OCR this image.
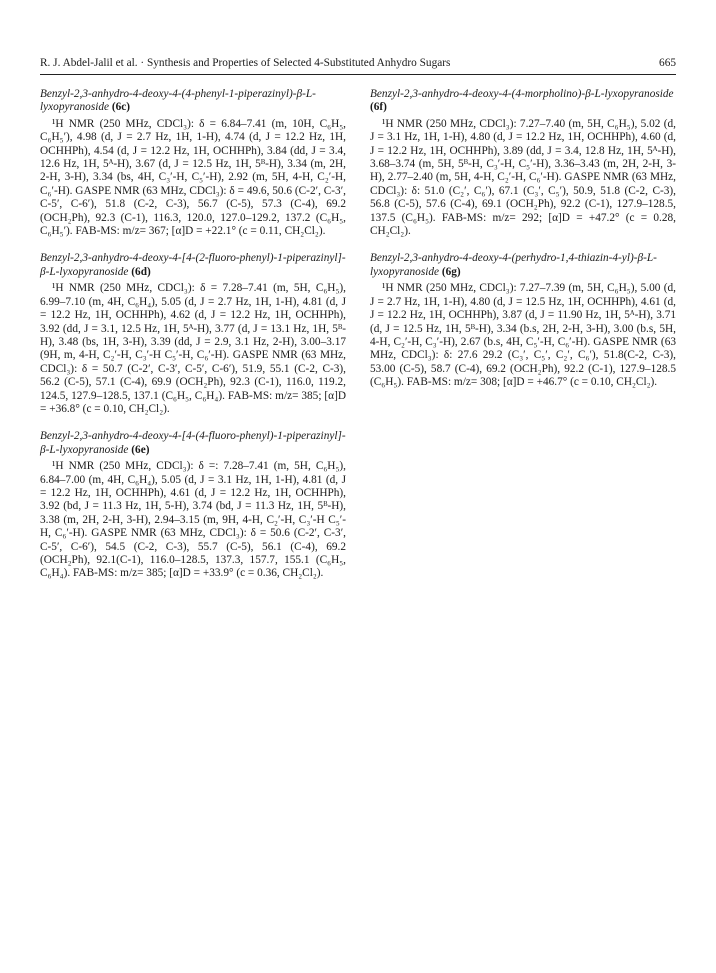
R. J. Abdel-Jalil et al. · Synthesis and Properties of Selected 4-Substituted Anhydro Sugars	665

Benzyl-2,3-anhydro-4-deoxy-4-(4-phenyl-1-piperazinyl)-β-L-lyxopyranoside (6c)

¹H NMR (250 MHz, CDCl₃): δ = 6.84–7.41 (m, 10H, C₆H₅, C₆H₅′), 4.98 (d, J = 2.7 Hz, 1H, 1-H), 4.74 (d, J = 12.2 Hz, 1H, OCHHPh), 4.54 (d, J = 12.2 Hz, 1H, OCHHPh), 3.84 (dd, J = 3.4, 12.6 Hz, 1H, 5ᴬ-H), 3.67 (d, J = 12.5 Hz, 1H, 5ᴮ-H), 3.34 (m, 2H, 2-H, 3-H), 3.34 (bs, 4H, C₃′-H, C₅′-H), 2.92 (m, 5H, 4-H, C₂′-H, C₆′-H). GASPE NMR (63 MHz, CDCl₃): δ = 49.6, 50.6 (C-2′, C-3′, C-5′, C-6′), 51.8 (C-2, C-3), 56.7 (C-5), 57.3 (C-4), 69.2 (OCH₂Ph), 92.3 (C-1), 116.3, 120.0, 127.0–129.2, 137.2 (C₆H₅, C₆H₅′). FAB-MS: m/z= 367; [α]D = +22.1° (c = 0.11, CH₂Cl₂).

Benzyl-2,3-anhydro-4-deoxy-4-[4-(2-fluoro-phenyl)-1-piperazinyl]-β-L-lyxopyranoside (6d)

¹H NMR (250 MHz, CDCl₃): δ = 7.28–7.41 (m, 5H, C₆H₅), 6.99–7.10 (m, 4H, C₆H₄), 5.05 (d, J = 2.7 Hz, 1H, 1-H), 4.81 (d, J = 12.2 Hz, 1H, OCHHPh), 4.62 (d, J = 12.2 Hz, 1H, OCHHPh), 3.92 (dd, J = 3.1, 12.5 Hz, 1H, 5ᴬ-H), 3.77 (d, J = 13.1 Hz, 1H, 5ᴮ-H), 3.48 (bs, 1H, 3-H), 3.39 (dd, J = 2.9, 3.1 Hz, 2-H), 3.00–3.17 (9H, m, 4-H, C₂′-H, C₃′-H C₅′-H, C₆′-H). GASPE NMR (63 MHz, CDCl₃): δ = 50.7 (C-2′, C-3′, C-5′, C-6′), 51.9, 55.1 (C-2, C-3), 56.2 (C-5), 57.1 (C-4), 69.9 (OCH₂Ph), 92.3 (C-1), 116.0, 119.2, 124.5, 127.9–128.5, 137.1 (C₆H₅, C₆H₄). FAB-MS: m/z= 385; [α]D = +36.8° (c = 0.10, CH₂Cl₂).

Benzyl-2,3-anhydro-4-deoxy-4-[4-(4-fluoro-phenyl)-1-piperazinyl]-β-L-lyxopyranoside (6e)

¹H NMR (250 MHz, CDCl₃): δ =: 7.28–7.41 (m, 5H, C₆H₅), 6.84–7.00 (m, 4H, C₆H₄), 5.05 (d, J = 3.1 Hz, 1H, 1-H), 4.81 (d, J = 12.2 Hz, 1H, OCHHPh), 4.61 (d, J = 12.2 Hz, 1H, OCHHPh), 3.92 (bd, J = 11.3 Hz, 1H, 5-H), 3.74 (bd, J = 11.3 Hz, 1H, 5ᴮ-H), 3.38 (m, 2H, 2-H, 3-H), 2.94–3.15 (m, 9H, 4-H, C₂′-H, C₃′-H C₅′-H, C₆′-H). GASPE NMR (63 MHz, CDCl₃): δ = 50.6 (C-2′, C-3′, C-5′, C-6′), 54.5 (C-2, C-3), 55.7 (C-5), 56.1 (C-4), 69.2 (OCH₂Ph), 92.1(C-1), 116.0–128.5, 137.3, 157.7, 155.1 (C₆H₅, C₆H₄). FAB-MS: m/z= 385; [α]D = +33.9° (c = 0.36, CH₂Cl₂).

Benzyl-2,3-anhydro-4-deoxy-4-(4-morpholino)-β-L-lyxopyranoside (6f)

¹H NMR (250 MHz, CDCl₃): 7.27–7.40 (m, 5H, C₆H₅), 5.02 (d, J = 3.1 Hz, 1H, 1-H), 4.80 (d, J = 12.2 Hz, 1H, OCHHPh), 4.60 (d, J = 12.2 Hz, 1H, OCHHPh), 3.89 (dd, J = 3.4, 12.8 Hz, 1H, 5ᴬ-H), 3.68–3.74 (m, 5H, 5ᴮ-H, C₃′-H, C₅′-H), 3.36–3.43 (m, 2H, 2-H, 3-H), 2.77–2.40 (m, 5H, 4-H, C₂′-H, C₆′-H). GASPE NMR (63 MHz, CDCl₃): δ: 51.0 (C₂′, C₆′), 67.1 (C₃′, C₅′), 50.9, 51.8 (C-2, C-3), 56.8 (C-5), 57.6 (C-4), 69.1 (OCH₂Ph), 92.2 (C-1), 127.9–128.5, 137.5 (C₆H₅). FAB-MS: m/z= 292; [α]D = +47.2° (c = 0.28, CH₂Cl₂).

Benzyl-2,3-anhydro-4-deoxy-4-(perhydro-1,4-thiazin-4-yl)-β-L-lyxopyranoside (6g)

¹H NMR (250 MHz, CDCl₃): 7.27–7.39 (m, 5H, C₆H₅), 5.00 (d, J = 2.7 Hz, 1H, 1-H), 4.80 (d, J = 12.5 Hz, 1H, OCHHPh), 4.61 (d, J = 12.2 Hz, 1H, OCHHPh), 3.87 (d, J = 11.90 Hz, 1H, 5ᴬ-H), 3.71 (d, J = 12.5 Hz, 1H, 5ᴮ-H), 3.34 (b.s, 2H, 2-H, 3-H), 3.00 (b.s, 5H, 4-H, C₂′-H, C₃′-H), 2.67 (b.s, 4H, C₅′-H, C₆′-H). GASPE NMR (63 MHz, CDCl₃): δ: 27.6 29.2 (C₃′, C₅′, C₂′, C₆′), 51.8(C-2, C-3), 53.00 (C-5), 58.7 (C-4), 69.2 (OCH₂Ph), 92.2 (C-1), 127.9–128.5 (C₆H₅). FAB-MS: m/z= 308; [α]D = +46.7° (c = 0.10, CH₂Cl₂).
